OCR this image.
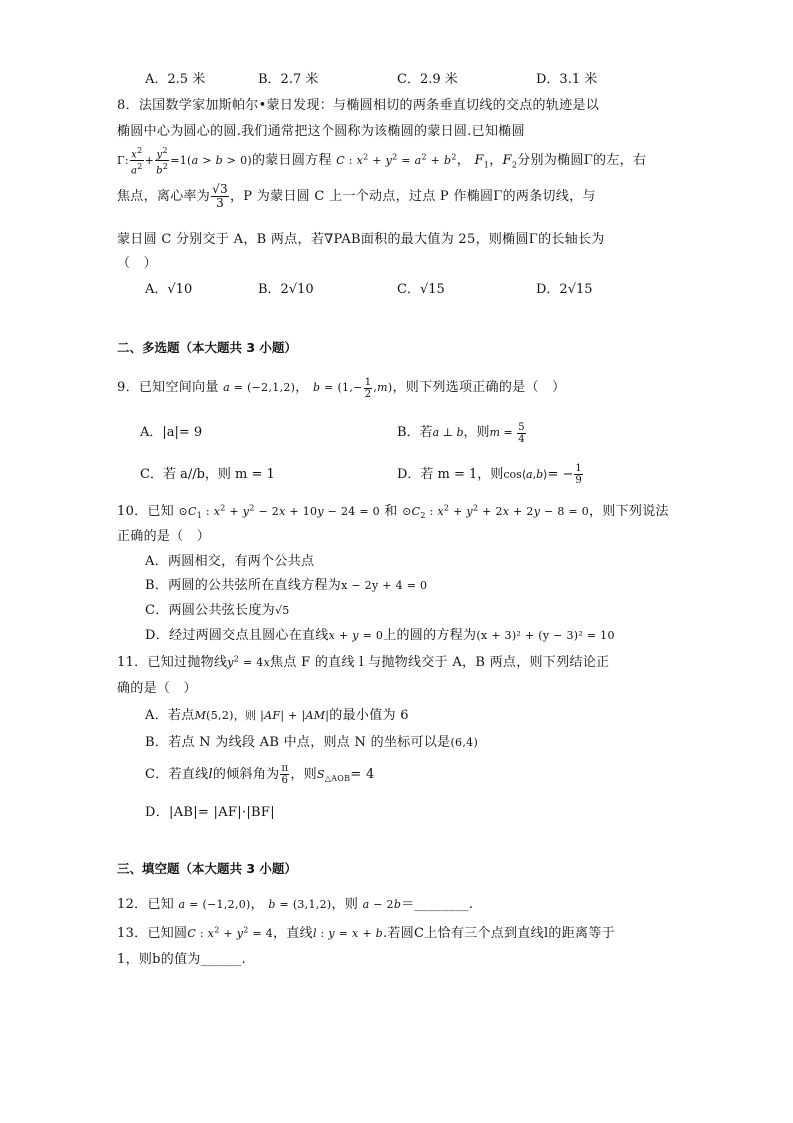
A．2.5 米	B．2.7 米	C．2.9 米	D．3.1 米
8．法国数学家加斯帕尔•蒙日发现：与椭圆相切的两条垂直切线的交点的轨迹是以
椭圆中心为圆心的圆.我们通常把这个圆称为该椭圆的蒙日圆.已知椭圆
Γ: $\frac{x^2}{a^2} + \frac{y^2}{b^2} =1(a > b > 0)$的蒙日圆方程 C : $x^2 + y^2 = a^2 + b^2$， $F_1$，$F_2$分别为椭圆Γ的左，右
焦点，离心率为 $\frac{√3}{3}$ ，P 为蒙日圆 C 上一个动点，过点 P 作椭圆Γ的两条切线，与
蒙日圆 C 分别交于 A，B 两点，若∇PAB面积的最大值为 25，则椭圆Γ的长轴长为
（　）
A．√10	B．2√10	C．√15	D．2√15
二、多选题（本大题共 3 小题）
9．已知空间向量 a = (−2,1,2)， $b = (1,- \frac{1}{2} ,m)$，则下列选项正确的是（　）
A．|a|= 9	B．若a ⊥ b，则$m = \frac{5}{4}$
C．若 a//b，则 m = 1	D．若 m = 1，则cos⟨a,b⟩= − $\frac{1}{9}$
10．已知 $⊙C_1$ : $x^2 + y^2 - 2x + 10y - 24 = 0$ 和 $⊙C_2$ : $x^2 + y^2 + 2x + 2y - 8 = 0$，则下列说法
正确的是（　）
A．两圆相交，有两个公共点
B．两圆的公共弦所在直线方程为x − 2y + 4 = 0
C．两圆公共弦长度为√5
D．经过两圆交点且圆心在直线x + y = 0上的圆的方程为(x + 3)² + (y − 3)² = 10
11．已知过抛物线$y^2 = 4x$焦点 F 的直线 l 与抛物线交于 A，B 两点，则下列结论正
确的是（　）
A．若点M(5,2)，则 |AF| + |AM|的最小值为 6
B．若点 N 为线段 AB 中点，则点 N 的坐标可以是(6,4)
C．若直线l的倾斜角为 $\frac{\pi}{6}$ ，则$S_{\triangle AOB}= 4$
D．|AB|= |AF|·|BF|
三、填空题（本大题共 3 小题）
12．已知 a = (−1,2,0)， b = (3,1,2)，则 a − 2b＝________.
13．已知圆C : $x^2 + y^2 = 4$，直线l : y = x + b.若圆C上恰有三个点到直线l的距离等于
1，则b的值为______.
